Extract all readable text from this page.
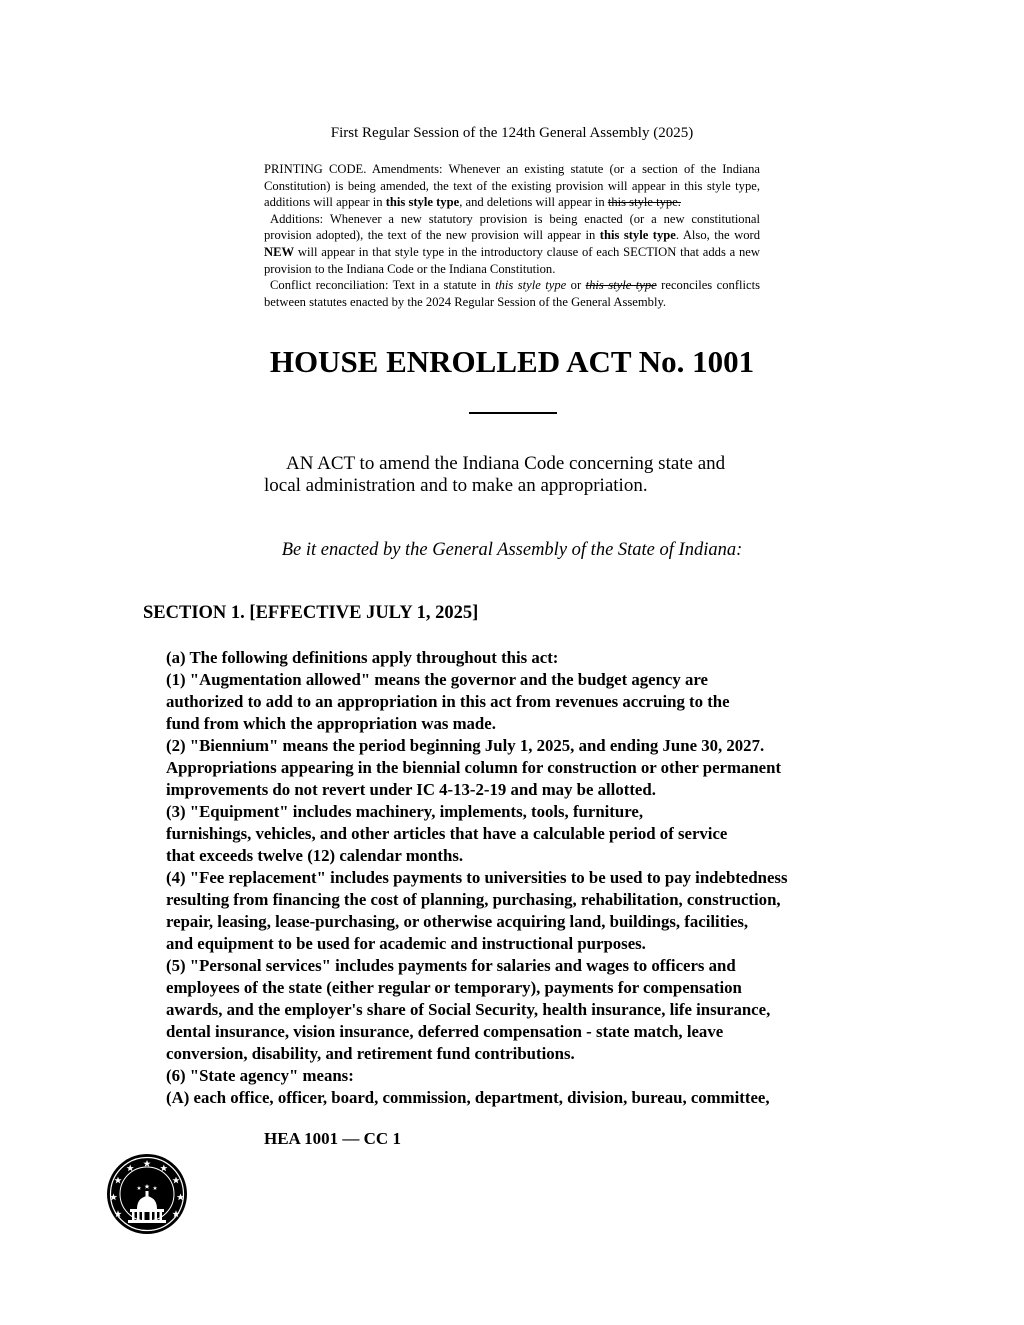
First Regular Session of the 124th General Assembly (2025)

PRINTING CODE. Amendments: Whenever an existing statute (or a section of the Indiana Constitution) is being amended, the text of the existing provision will appear in this style type, additions will appear in this style type, and deletions will appear in this style type.

Additions: Whenever a new statutory provision is being enacted (or a new constitutional provision adopted), the text of the new provision will appear in this style type. Also, the word NEW will appear in that style type in the introductory clause of each SECTION that adds a new provision to the Indiana Code or the Indiana Constitution.

Conflict reconciliation: Text in a statute in this style type or this style type reconciles conflicts between statutes enacted by the 2024 Regular Session of the General Assembly.

HOUSE ENROLLED ACT No. 1001
AN ACT to amend the Indiana Code concerning state and local administration and to make an appropriation.
Be it enacted by the General Assembly of the State of Indiana:
SECTION 1. [EFFECTIVE JULY 1, 2025]
(a) The following definitions apply throughout this act:
(1) "Augmentation allowed" means the governor and the budget agency are
authorized to add to an appropriation in this act from revenues accruing to the
fund from which the appropriation was made.
(2) "Biennium" means the period beginning July 1, 2025, and ending June 30, 2027.
Appropriations appearing in the biennial column for construction or other permanent
improvements do not revert under IC 4-13-2-19 and may be allotted.
(3) "Equipment" includes machinery, implements, tools, furniture,
furnishings, vehicles, and other articles that have a calculable period of service
that exceeds twelve (12) calendar months.
(4) "Fee replacement" includes payments to universities to be used to pay indebtedness
resulting from financing the cost of planning, purchasing, rehabilitation, construction,
repair, leasing, lease-purchasing, or otherwise acquiring land, buildings, facilities,
and equipment to be used for academic and instructional purposes.
(5) "Personal services" includes payments for salaries and wages to officers and
employees of the state (either regular or temporary), payments for compensation
awards, and the employer's share of Social Security, health insurance, life insurance,
dental insurance, vision insurance, deferred compensation - state match, leave
conversion, disability, and retirement fund contributions.
(6) "State agency" means:
(A) each office, officer, board, commission, department, division, bureau, committee,
HEA 1001 — CC 1
